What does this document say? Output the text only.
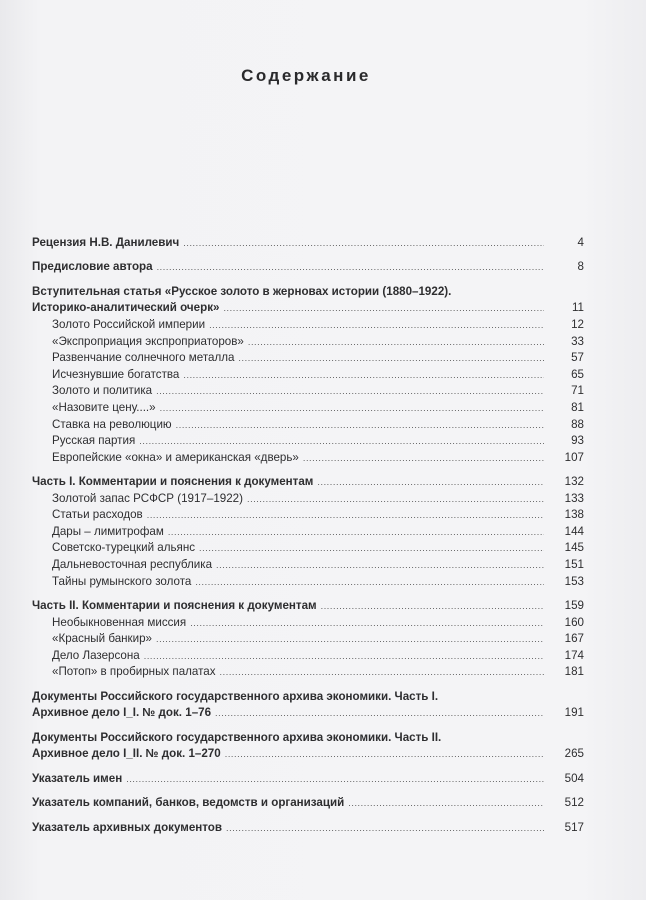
Содержание
Рецензия Н.В. Данилевич .....	4
Предисловие автора .....	8
Вступительная статья «Русское золото в жерновах истории (1880–1922).
Историко-аналитический очерк» .....	11
Золото Российской империи .....	12
«Экспроприация экспроприаторов» .....	33
Развенчание солнечного металла .....	57
Исчезнувшие богатства .....	65
Золото и политика .....	71
«Назовите цену....» .....	81
Ставка на революцию .....	88
Русская партия .....	93
Европейские «окна» и американская «дверь» .....	107
Часть I. Комментарии и пояснения к документам .....	132
Золотой запас РСФСР (1917–1922) .....	133
Статьи расходов .....	138
Дары – лимитрофам .....	144
Советско-турецкий альянс .....	145
Дальневосточная республика .....	151
Тайны румынского золота .....	153
Часть II. Комментарии и пояснения к документам .....	159
Необыкновенная миссия .....	160
«Красный банкир» .....	167
Дело Лазерсона .....	174
«Потоп» в пробирных палатах .....	181
Документы Российского государственного архива экономики. Часть I.
Архивное дело I_I. № док. 1–76 .....	191
Документы Российского государственного архива экономики. Часть II.
Архивное дело I_II. № док. 1–270 .....	265
Указатель имен .....	504
Указатель компаний, банков, ведомств и организаций .....	512
Указатель архивных документов .....	517
